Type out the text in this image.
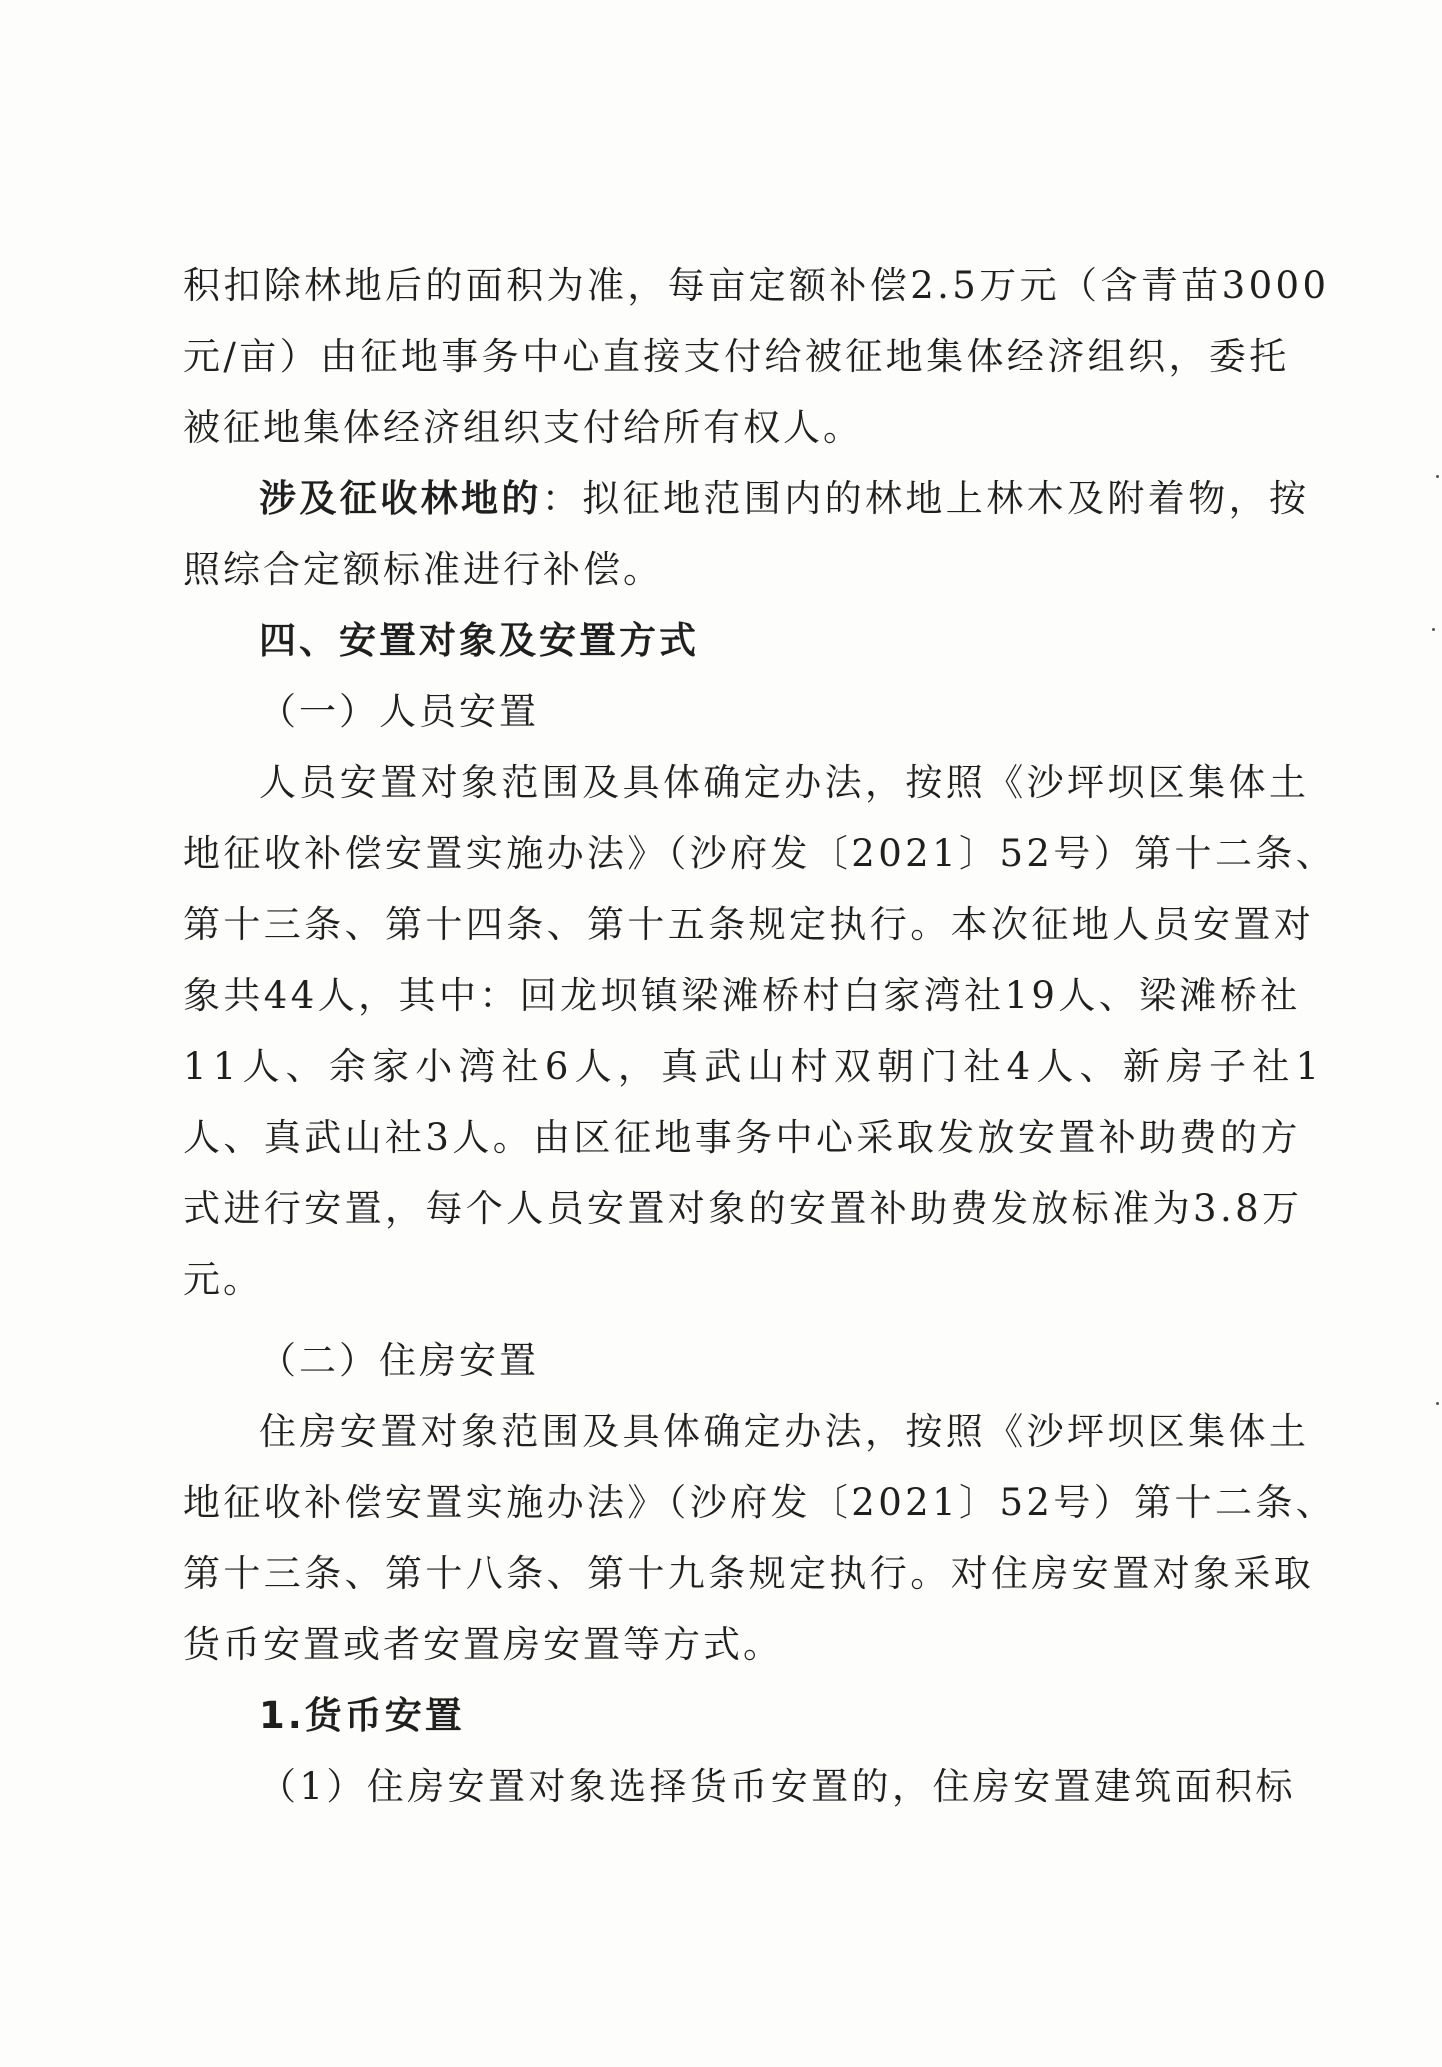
积扣除林地后的面积为准，每亩定额补偿2.5万元（含青苗3000
元/亩）由征地事务中心直接支付给被征地集体经济组织，委托
被征地集体经济组织支付给所有权人。
涉及征收林地的：拟征地范围内的林地上林木及附着物，按
照综合定额标准进行补偿。
四、安置对象及安置方式
（一）人员安置
人员安置对象范围及具体确定办法，按照《沙坪坝区集体土
地征收补偿安置实施办法》（沙府发〔2021〕52号）第十二条、
第十三条、第十四条、第十五条规定执行。本次征地人员安置对
象共44人，其中：回龙坝镇梁滩桥村白家湾社19人、梁滩桥社
11人、余家小湾社6人，真武山村双朝门社4人、新房子社1
人、真武山社3人。由区征地事务中心采取发放安置补助费的方
式进行安置，每个人员安置对象的安置补助费发放标准为3.8万
元。
（二）住房安置
住房安置对象范围及具体确定办法，按照《沙坪坝区集体土
地征收补偿安置实施办法》（沙府发〔2021〕52号）第十二条、
第十三条、第十八条、第十九条规定执行。对住房安置对象采取
货币安置或者安置房安置等方式。
1.货币安置
（1）住房安置对象选择货币安置的，住房安置建筑面积标
